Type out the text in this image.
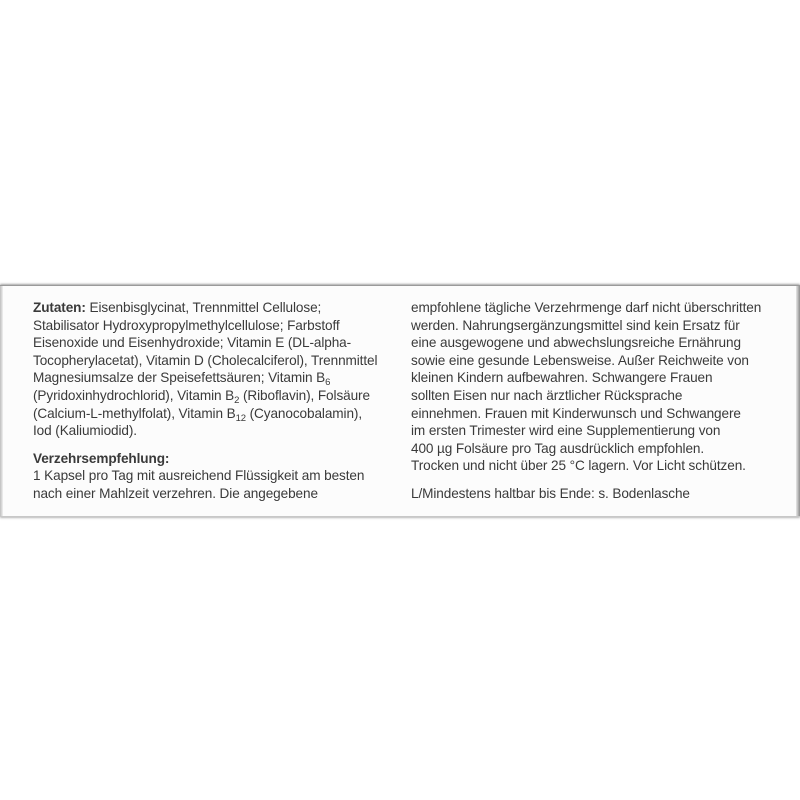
Zutaten: Eisenbisglycinat, Trennmittel Cellulose;
Stabilisator Hydroxypropylmethylcellulose; Farbstoff
Eisenoxide und Eisenhydroxide; Vitamin E (DL-alpha-
Tocopherylacetat), Vitamin D (Cholecalciferol), Trennmittel
Magnesiumsalze der Speisefettsäuren; Vitamin $B_6$
(Pyridoxinhydrochlorid), Vitamin $B_2$ (Riboflavin), Folsäure
(Calcium-L-methylfolat), Vitamin $B_{12}$ (Cyanocobalamin),
Iod (Kaliumiodid).
Verzehrsempfehlung:
1 Kapsel pro Tag mit ausreichend Flüssigkeit am besten
nach einer Mahlzeit verzehren. Die angegebene
empfohlene tägliche Verzehrmenge darf nicht überschritten
werden. Nahrungsergänzungsmittel sind kein Ersatz für
eine ausgewogene und abwechslungsreiche Ernährung
sowie eine gesunde Lebensweise. Außer Reichweite von
kleinen Kindern aufbewahren. Schwangere Frauen
sollten Eisen nur nach ärztlicher Rücksprache
einnehmen. Frauen mit Kinderwunsch und Schwangere
im ersten Trimester wird eine Supplementierung von
400 µg Folsäure pro Tag ausdrücklich empfohlen.
Trocken und nicht über 25 °C lagern. Vor Licht schützen.
L/Mindestens haltbar bis Ende: s. Bodenlasche
